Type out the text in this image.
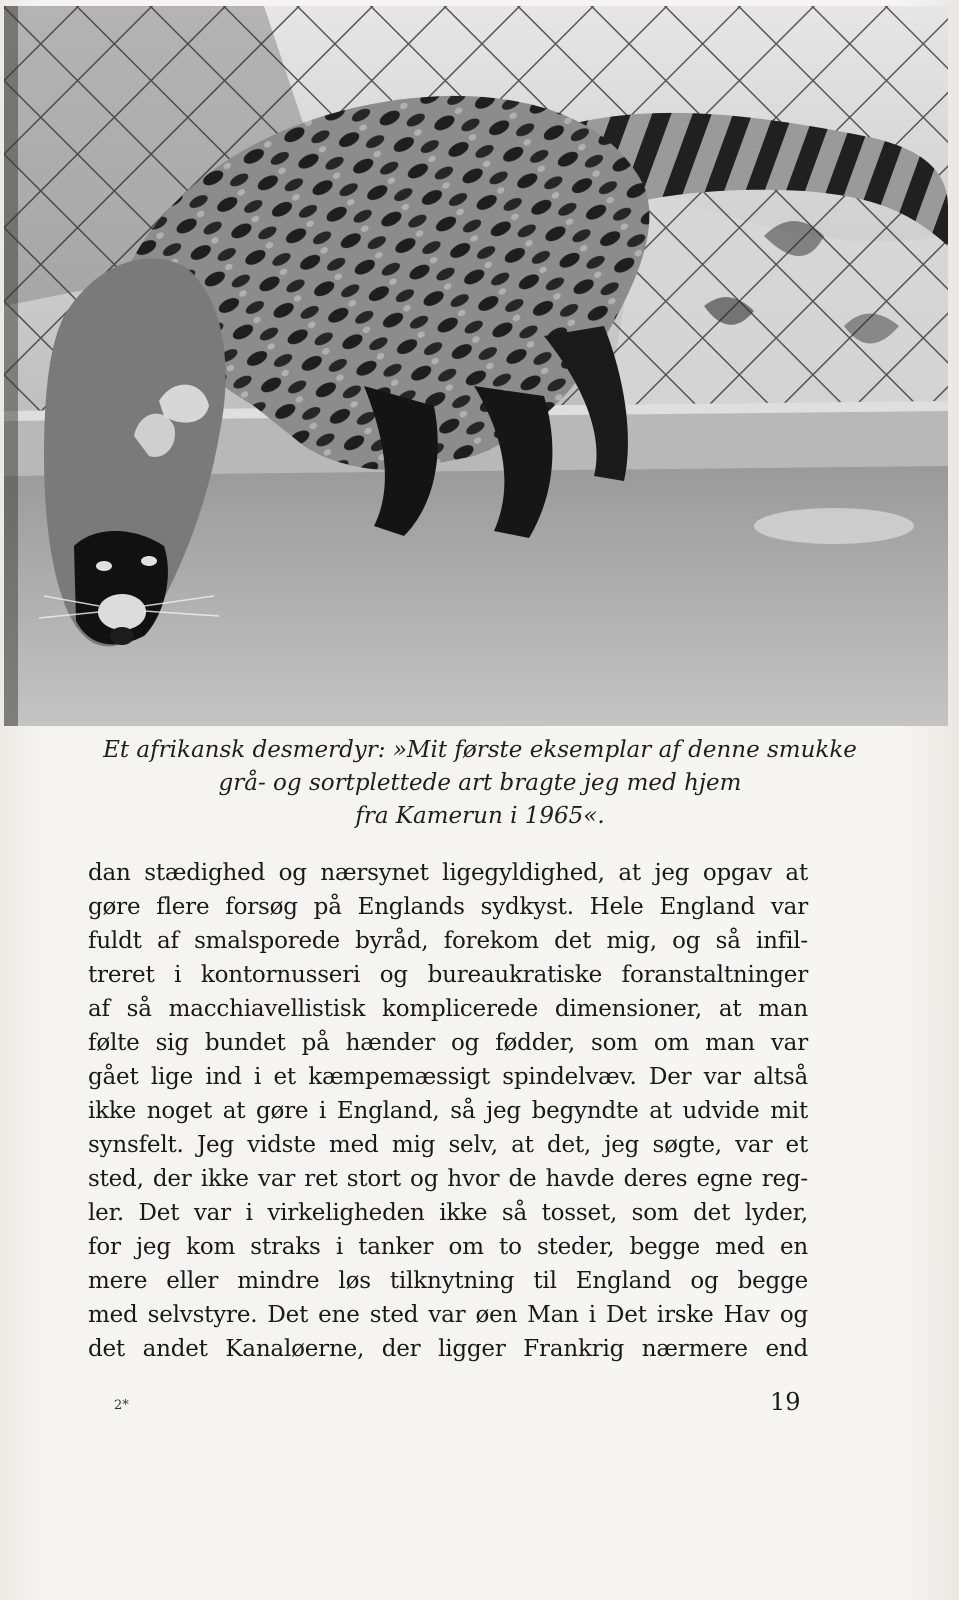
Et afrikansk desmerdyr: »Mit første eksemplar af denne smukke
grå- og sortplettede art bragte jeg med hjem
fra Kamerun i 1965«.
dan stædighed og nærsynet ligegyldighed, at jeg opgav at
gøre flere forsøg på Englands sydkyst. Hele England var
fuldt af smalsporede byråd, forekom det mig, og så infil-
treret i kontornusseri og bureaukratiske foranstaltninger
af så macchiavellistisk komplicerede dimensioner, at man
følte sig bundet på hænder og fødder, som om man var
gået lige ind i et kæmpemæssigt spindelvæv. Der var altså
ikke noget at gøre i England, så jeg begyndte at udvide mit
synsfelt. Jeg vidste med mig selv, at det, jeg søgte, var et
sted, der ikke var ret stort og hvor de havde deres egne reg-
ler. Det var i virkeligheden ikke så tosset, som det lyder,
for jeg kom straks i tanker om to steder, begge med en
mere eller mindre løs tilknytning til England og begge
med selvstyre. Det ene sted var øen Man i Det irske Hav og
det andet Kanaløerne, der ligger Frankrig nærmere end
2*	19
